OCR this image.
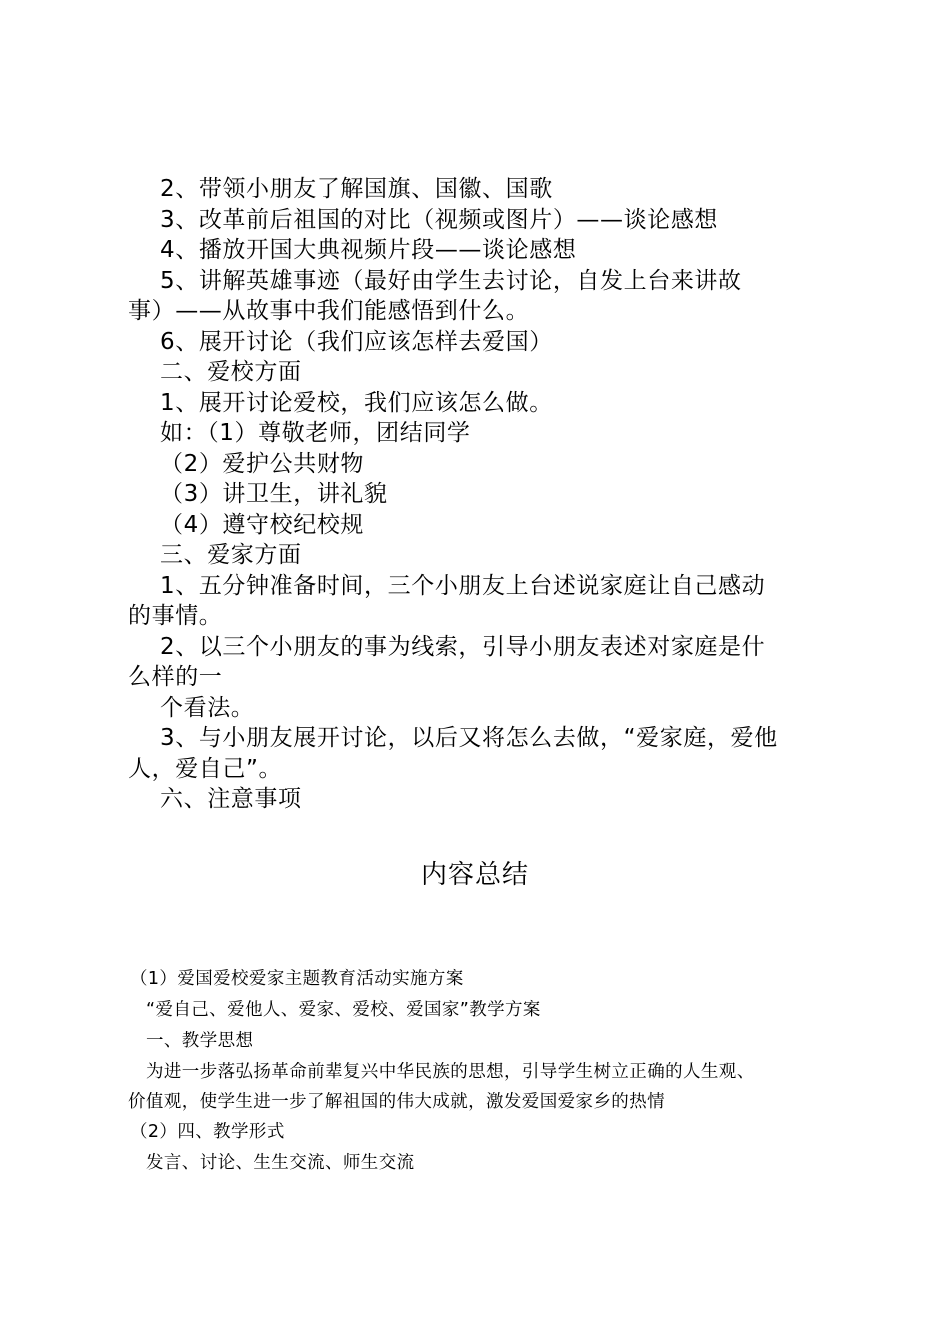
2、带领小朋友了解国旗、国徽、国歌
3、改革前后祖国的对比（视频或图片）——谈论感想
4、播放开国大典视频片段——谈论感想
5、讲解英雄事迹（最好由学生去讨论，自发上台来讲故
事）——从故事中我们能感悟到什么。
6、展开讨论（我们应该怎样去爱国）
二、爱校方面
1、展开讨论爱校，我们应该怎么做。
如：（1）尊敬老师，团结同学
（2）爱护公共财物
（3）讲卫生，讲礼貌
（4）遵守校纪校规
三、爱家方面
1、五分钟准备时间，三个小朋友上台述说家庭让自己感动
的事情。
2、以三个小朋友的事为线索，引导小朋友表述对家庭是什
么样的一
个看法。
3、与小朋友展开讨论，以后又将怎么去做，“爱家庭，爱他
人，爱自己”。
六、注意事项
内容总结
（1）爱国爱校爱家主题教育活动实施方案
“爱自己、爱他人、爱家、爱校、爱国家”教学方案
一、教学思想
为进一步落弘扬革命前辈复兴中华民族的思想，引导学生树立正确的人生观、
价值观，使学生进一步了解祖国的伟大成就，激发爱国爱家乡的热情
（2）四、教学形式
发言、讨论、生生交流、师生交流
